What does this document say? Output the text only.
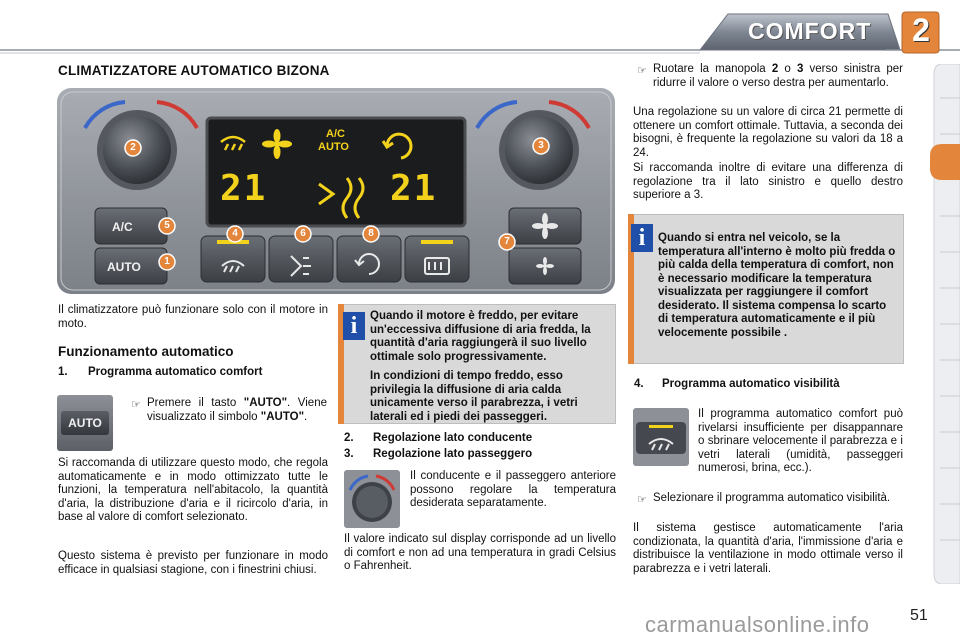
COMFORT 2
CLIMATIZZATORE AUTOMATICO BIZONA
A/C
AUTO
A/C
AUTO
21	21
2	3
5
1
4	6	8
7
Il climatizzatore può funzionare solo con il motore in moto.
Funzionamento automatico
1. Programma automatico comfort
AUTO
☞ Premere il tasto "AUTO". Viene visualizzato il simbolo "AUTO".
Si raccomanda di utilizzare questo modo, che regola automaticamente e in modo ottimizzato tutte le funzioni, la temperatura nell'abitacolo, la quantità d'aria, la distribuzione d'aria e il ricircolo d'aria, in base al valore di comfort selezionato.
Questo sistema è previsto per funzionare in modo efficace in qualsiasi stagione, con i finestrini chiusi.
i	Quando il motore è freddo, per evitare un'eccessiva diffusione di aria fredda, la quantità d'aria raggiungerà il suo livello ottimale solo progressivamente.
In condizioni di tempo freddo, esso privilegia la diffusione di aria calda unicamente verso il parabrezza, i vetri laterali ed i piedi dei passeggeri.
2. Regolazione lato conducente
3. Regolazione lato passeggero
Il conducente e il passeggero anteriore possono regolare la temperatura desiderata separatamente.
Il valore indicato sul display corrisponde ad un livello di comfort e non ad una temperatura in gradi Celsius o Fahrenheit.
☞ Ruotare la manopola 2 o 3 verso sinistra per ridurre il valore o verso destra per aumentarlo.
Una regolazione su un valore di circa 21 permette di ottenere un comfort ottimale. Tuttavia, a seconda dei bisogni, è frequente la regolazione su valori da 18 a 24.
Si raccomanda inoltre di evitare una differenza di regolazione tra il lato sinistro e quello destro superiore a 3.
i	Quando si entra nel veicolo, se la temperatura all'interno è molto più fredda o più calda della temperatura di comfort, non è necessario modificare la temperatura visualizzata per raggiungere il comfort desiderato. Il sistema compensa lo scarto di temperatura automaticamente e il più velocemente possibile .
4. Programma automatico visibilità
Il programma automatico comfort può rivelarsi insufficiente per disappannare o sbrinare velocemente il parabrezza e i vetri laterali (umidità, passeggeri numerosi, brina, ecc.).
☞ Selezionare il programma automatico visibilità.
Il sistema gestisce automaticamente l'aria condizionata, la quantità d'aria, l'immissione d'aria e distribuisce la ventilazione in modo ottimale verso il parabrezza e i vetri laterali.
carmanualsonline.info	51
